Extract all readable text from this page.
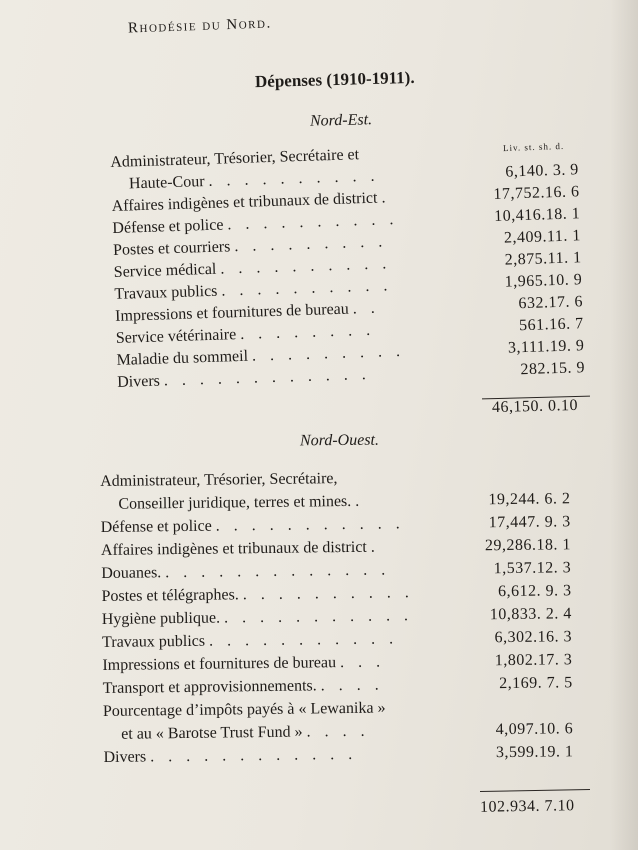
Rhodésie du Nord.
Dépenses (1910-1911).
Nord-Est.
Liv. st. sh. d.
Administrateur, Trésorier, Secrétaire et
Haute-Cour . . . . . . . . . .	6,140. 3. 9
Affaires indigènes et tribunaux de district .	17,752.16. 6
Défense et police . . . . . . . . . .	10,416.18. 1
Postes et courriers . . . . . . . . .	2,409.11. 1
Service médical . . . . . . . . . .	2,875.11. 1
Travaux publics . . . . . . . . . .	1,965.10. 9
Impressions et fournitures de bureau . .	632.17. 6
Service vétérinaire . . . . . . . .	561.16. 7
Maladie du sommeil . . . . . . . . .	3,111.19. 9
Divers . . . . . . . . . . . .	282.15. 9
46,150. 0.10
Nord-Ouest.
Administrateur, Trésorier, Secrétaire,
Conseiller juridique, terres et mines. .	19,244. 6. 2
Défense et police . . . . . . . . . . .	17,447. 9. 3
Affaires indigènes et tribunaux de district .	29,286.18. 1
Douanes. . . . . . . . . . . . . .	1,537.12. 3
Postes et télégraphes. . . . . . . . . . .	6,612. 9. 3
Hygiène publique. . . . . . . . . . . .	10,833. 2. 4
Travaux publics . . . . . . . . . . .	6,302.16. 3
Impressions et fournitures de bureau . . .	1,802.17. 3
Transport et approvisionnements. . . . .	2,169. 7. 5
Pourcentage d’impôts payés à « Lewanika »
et au « Barotse Trust Fund » . . . .	4,097.10. 6
Divers . . . . . . . . . . . .	3,599.19. 1
102.934. 7.10
